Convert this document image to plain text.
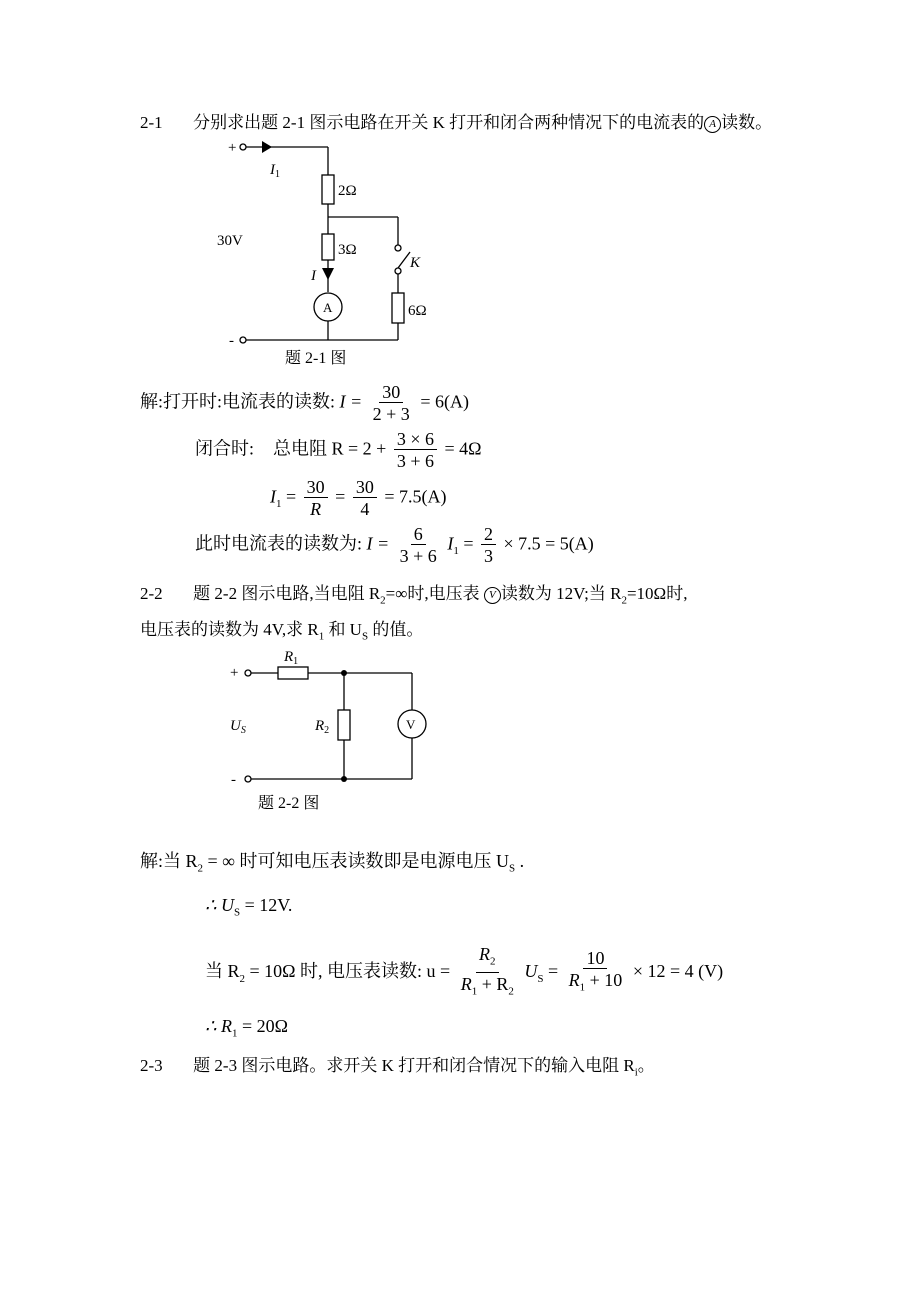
2-1 分别求出题 2-1 图示电路在开关 K 打开和闭合两种情况下的电流表的 A 读数。
+
-
$I_1$
2Ω
30V
3Ω
I
K
A	6Ω
题 2-1 图
解:打开时:电流表的读数: $I = \frac{30}{2 + 3} = 6(A)$
闭合时: 总电阻 $R = 2 + \frac{3 \times 6}{3 + 6} = 4\Omega$
$I_1 = \frac{30}{R} = \frac{30}{4} = 7.5(A)$
此时电流表的读数为: $I = \frac{6}{3 + 6} I_1 = \frac{2}{3} \times 7.5 = 5(A)$
2-2 题 2-2 图示电路,当电阻 $R_2=\infty$时,电压表 V 读数为 12V;当 $R_2=10\Omega$时,
电压表的读数为 4V,求 $R_1$ 和 $U_S$ 的值。
+
-
$R_1$
$U_S$	$R_2$	V
题 2-2 图
解:当 $R_2$ = ∞ 时可知电压表读数即是电源电压 $U_S$ .
∴ $U_S = 12V$.
当 $R_2 = 10\Omega$ 时, 电压表读数: $u = \frac{R_2}{R_1 + R_2} U_S = \frac{10}{R_1 + 10} \times 12 = 4$ (V)
∴ $R_1 = 20\Omega$
2-3 题 2-3 图示电路。求开关 K 打开和闭合情况下的输入电阻 $R_i$。
